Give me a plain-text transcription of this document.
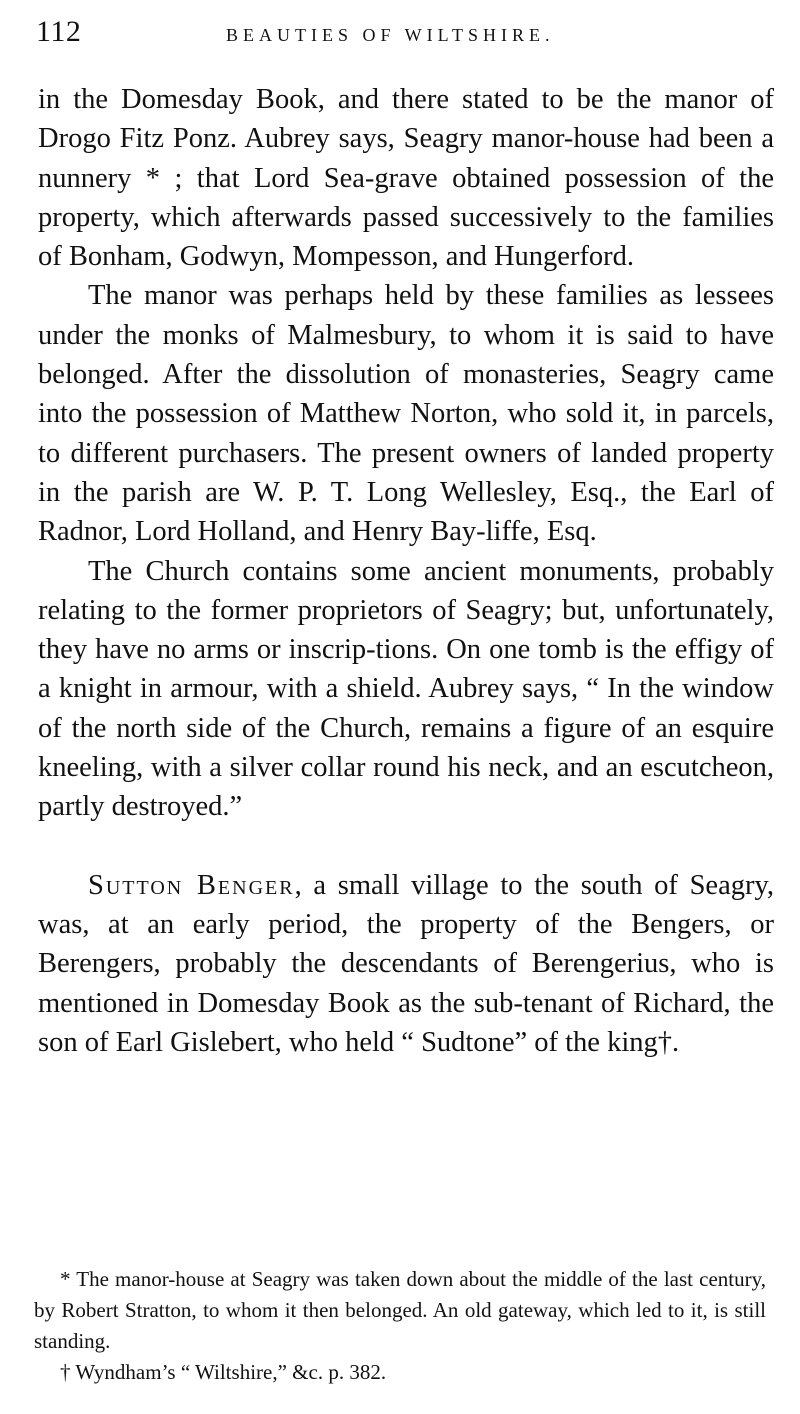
112	BEAUTIES OF WILTSHIRE.

in the Domesday Book, and there stated to be the manor of Drogo Fitz Ponz. Aubrey says, Seagry manor-house had been a nunnery * ; that Lord Sea-grave obtained possession of the property, which afterwards passed successively to the families of Bonham, Godwyn, Mompesson, and Hungerford.

The manor was perhaps held by these families as lessees under the monks of Malmesbury, to whom it is said to have belonged. After the dissolution of monasteries, Seagry came into the possession of Matthew Norton, who sold it, in parcels, to different purchasers. The present owners of landed property in the parish are W. P. T. Long Wellesley, Esq., the Earl of Radnor, Lord Holland, and Henry Bay-liffe, Esq.

The Church contains some ancient monuments, probably relating to the former proprietors of Seagry; but, unfortunately, they have no arms or inscrip-tions. On one tomb is the effigy of a knight in armour, with a shield. Aubrey says, “ In the window of the north side of the Church, remains a figure of an esquire kneeling, with a silver collar round his neck, and an escutcheon, partly destroyed.”

Sutton Benger, a small village to the south of Seagry, was, at an early period, the property of the Bengers, or Berengers, probably the descendants of Berengerius, who is mentioned in Domesday Book as the sub-tenant of Richard, the son of Earl Gislebert, who held “ Sudtone” of the king†.

* The manor-house at Seagry was taken down about the middle of the last century, by Robert Stratton, to whom it then belonged. An old gateway, which led to it, is still standing.

† Wyndham’s “ Wiltshire,” &c. p. 382.
